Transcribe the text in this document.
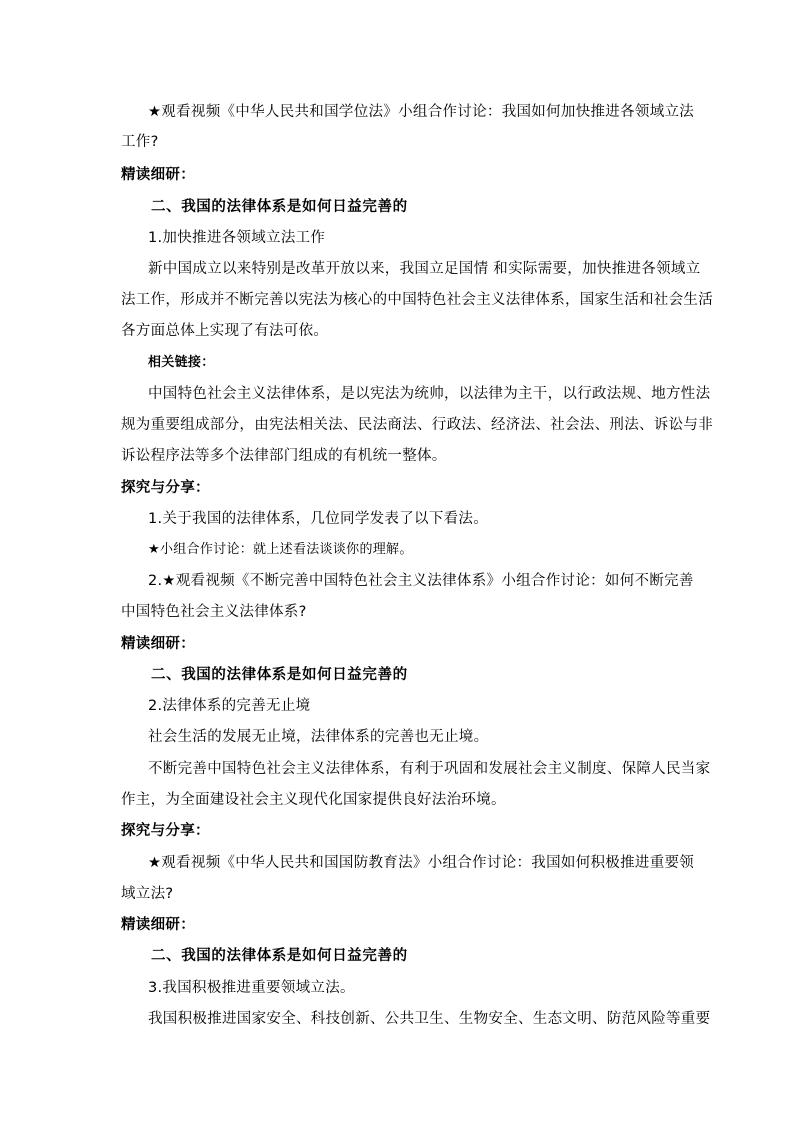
★观看视频《中华人民共和国学位法》小组合作讨论：我国如何加快推进各领域立法
工作?
精读细研：
二、我国的法律体系是如何日益完善的
1.加快推进各领域立法工作
新中国成立以来特别是改革开放以来，我国立足国情 和实际需要，加快推进各领域立
法工作，形成并不断完善以宪法为核心的中国特色社会主义法律体系，国家生活和社会生活
各方面总体上实现了有法可依。
相关链接：
中国特色社会主义法律体系，是以宪法为统帅，以法律为主干，以行政法规、地方性法
规为重要组成部分，由宪法相关法、民法商法、行政法、经济法、社会法、刑法、诉讼与非
诉讼程序法等多个法律部门组成的有机统一整体。
探究与分享：
1.关于我国的法律体系，几位同学发表了以下看法。
★小组合作讨论：就上述看法谈谈你的理解。
2.★观看视频《不断完善中国特色社会主义法律体系》小组合作讨论：如何不断完善
中国特色社会主义法律体系?
精读细研：
二、我国的法律体系是如何日益完善的
2.法律体系的完善无止境
社会生活的发展无止境，法律体系的完善也无止境。
不断完善中国特色社会主义法律体系，有利于巩固和发展社会主义制度、保障人民当家
作主，为全面建设社会主义现代化国家提供良好法治环境。
探究与分享：
★观看视频《中华人民共和国国防教育法》小组合作讨论：我国如何积极推进重要领
域立法?
精读细研：
二、我国的法律体系是如何日益完善的
3.我国积极推进重要领域立法。
我国积极推进国家安全、科技创新、公共卫生、生物安全、生态文明、防范风险等重要
